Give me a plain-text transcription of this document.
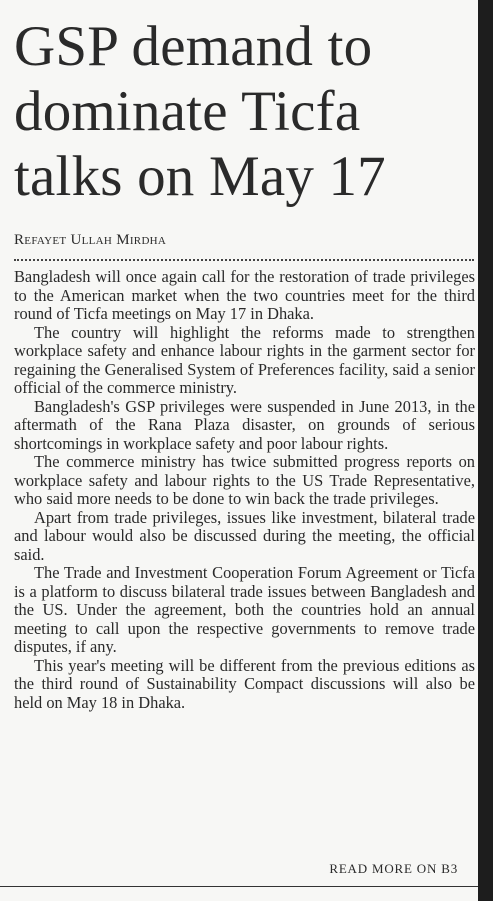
GSP demand to dominate Ticfa talks on May 17
Refayet Ullah Mirdha

Bangladesh will once again call for the restoration of trade privileges to the American market when the two countries meet for the third round of Ticfa meetings on May 17 in Dhaka.

The country will highlight the reforms made to strengthen workplace safety and enhance labour rights in the garment sector for regaining the Generalised System of Preferences facility, said a senior official of the commerce ministry.

Bangladesh's GSP privileges were suspended in June 2013, in the aftermath of the Rana Plaza disaster, on grounds of serious shortcomings in workplace safety and poor labour rights.

The commerce ministry has twice submitted progress reports on workplace safety and labour rights to the US Trade Representative, who said more needs to be done to win back the trade privileges.

Apart from trade privileges, issues like investment, bilateral trade and labour would also be discussed during the meeting, the official said.

The Trade and Investment Cooperation Forum Agreement or Ticfa is a platform to discuss bilateral trade issues between Bangladesh and the US. Under the agreement, both the countries hold an annual meeting to call upon the respective governments to remove trade disputes, if any.

This year's meeting will be different from the previous editions as the third round of Sustainability Compact discussions will also be held on May 18 in Dhaka.

READ MORE ON B3
